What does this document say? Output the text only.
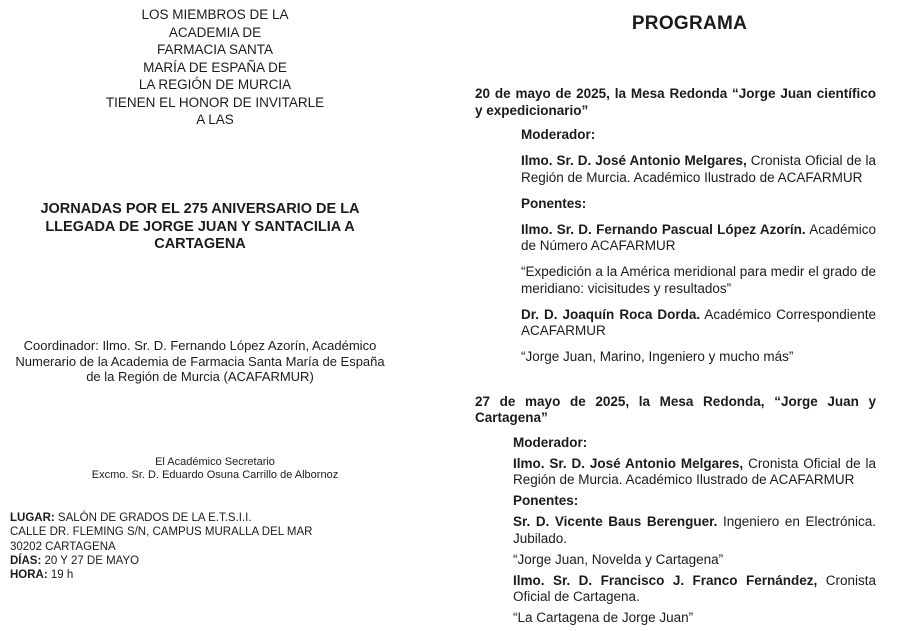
LOS MIEMBROS DE LA
ACADEMIA DE
FARMACIA SANTA
MARÍA DE ESPAÑA DE
LA REGIÓN DE MURCIA
TIENEN EL HONOR DE INVITARLE
A LAS
JORNADAS POR EL 275 ANIVERSARIO DE LA LLEGADA DE JORGE JUAN Y SANTACILIA A CARTAGENA
Coordinador: Ilmo. Sr. D. Fernando López Azorín, Académico Numerario de la Academia de Farmacia Santa María de España de la Región de Murcia (ACAFARMUR)
El Académico Secretario
Excmo. Sr. D. Eduardo Osuna Carrillo de Albornoz
LUGAR: SALÓN DE GRADOS DE LA E.T.S.I.I.
CALLE DR. FLEMING S/N, CAMPUS MURALLA DEL MAR
30202 CARTAGENA
DÍAS: 20 Y 27 DE MAYO
HORA: 19 h
PROGRAMA

20 de mayo de 2025, la Mesa Redonda “Jorge Juan científico y expedicionario”

Moderador:

Ilmo. Sr. D. José Antonio Melgares, Cronista Oficial de la Región de Murcia. Académico Ilustrado de ACAFARMUR

Ponentes:

Ilmo. Sr. D. Fernando Pascual López Azorín. Académico de Número ACAFARMUR

“Expedición a la América meridional para medir el grado de meridiano: vicisitudes y resultados”

Dr. D. Joaquín Roca Dorda. Académico Correspondiente ACAFARMUR

“Jorge Juan, Marino, Ingeniero y mucho más”

27 de mayo de 2025, la Mesa Redonda, “Jorge Juan y Cartagena”

Moderador:

Ilmo. Sr. D. José Antonio Melgares, Cronista Oficial de la Región de Murcia. Académico Ilustrado de ACAFARMUR

Ponentes:

Sr. D. Vicente Baus Berenguer. Ingeniero en Electrónica. Jubilado.

“Jorge Juan, Novelda y Cartagena”

Ilmo. Sr. D. Francisco J. Franco Fernández, Cronista Oficial de Cartagena.

“La Cartagena de Jorge Juan”
